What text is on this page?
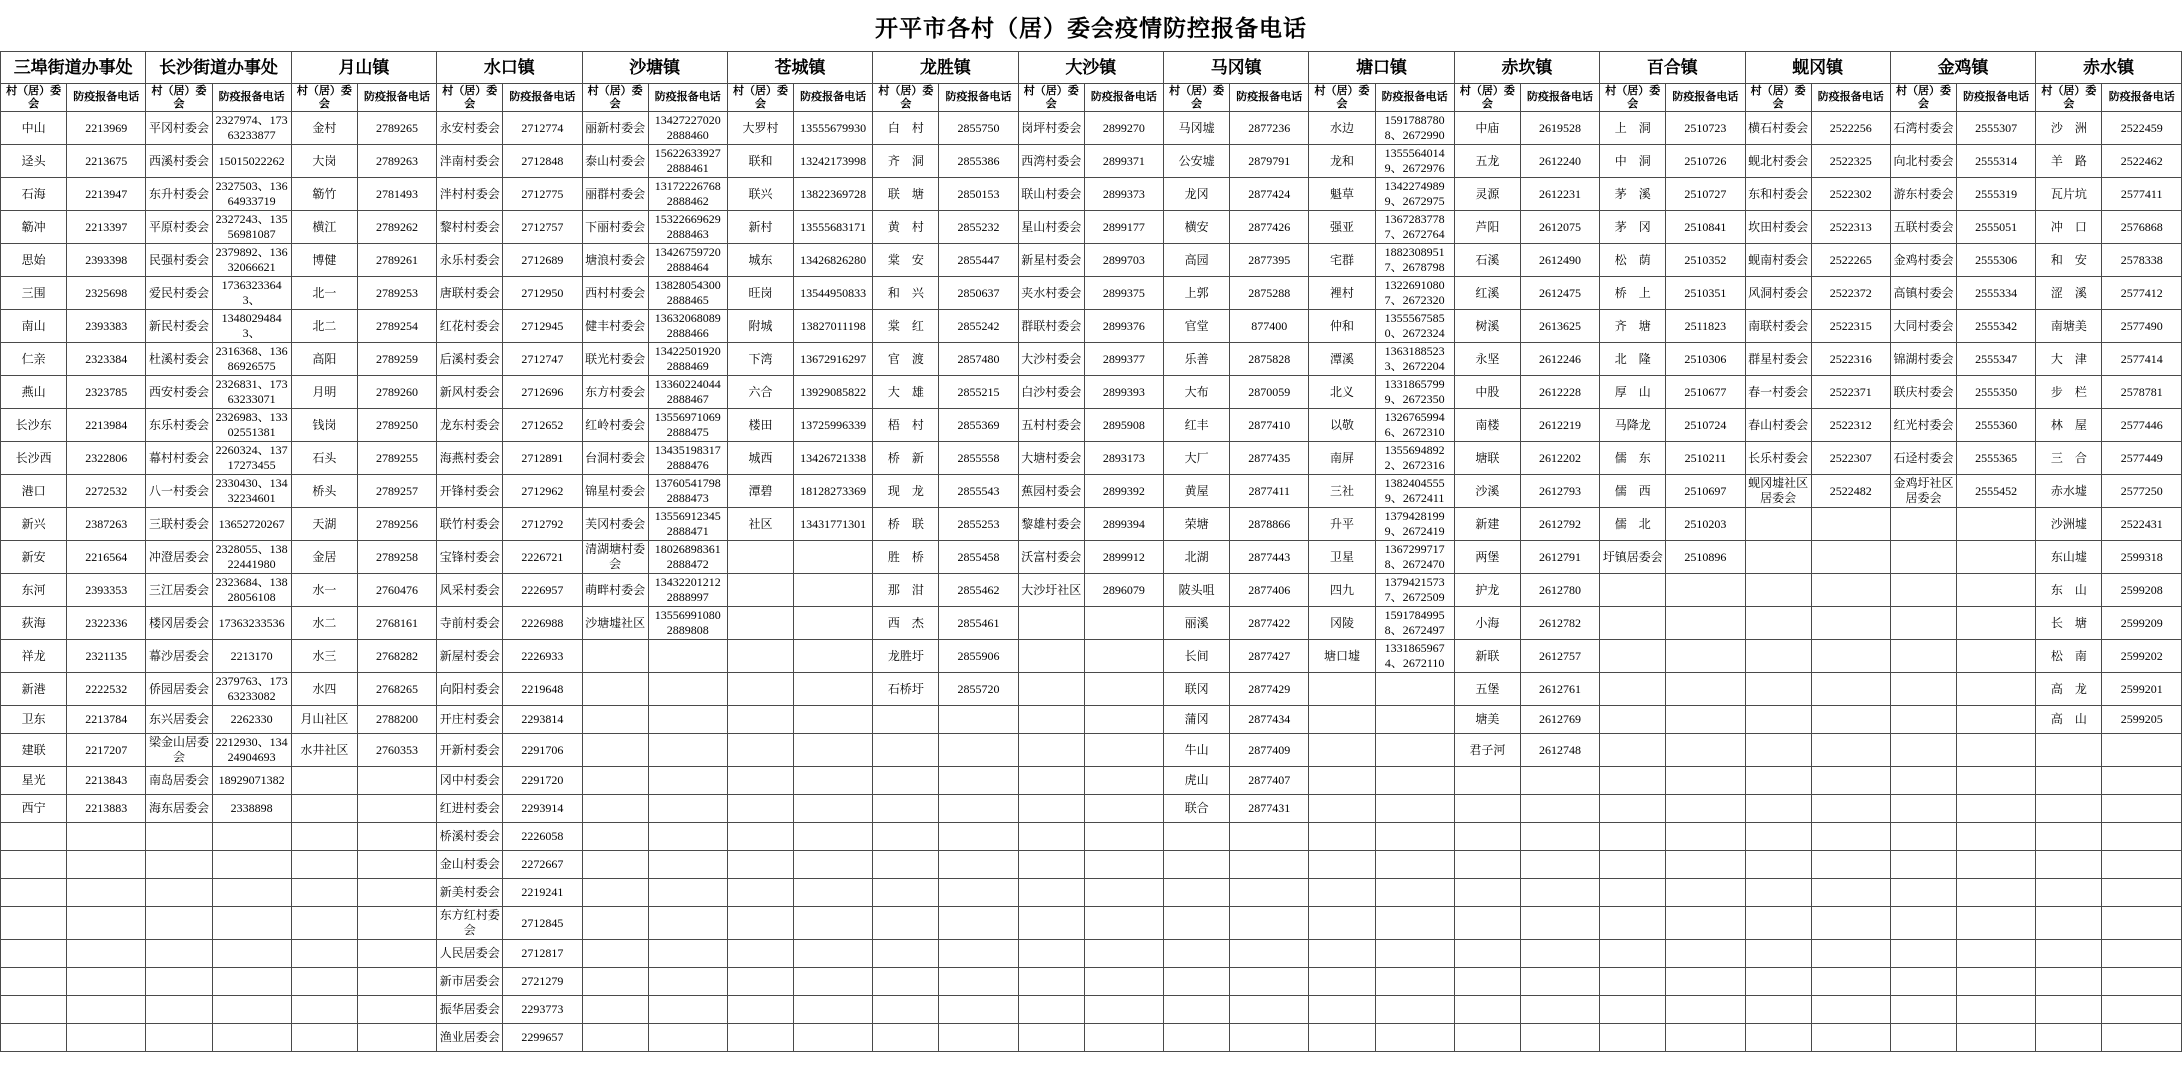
开平市各村（居）委会疫情防控报备电话
三埠街道办事处		长沙街道办事处		月山镇		水口镇		沙塘镇		苍城镇		龙胜镇		大沙镇		马冈镇		塘口镇		赤坎镇		百合镇		蚬冈镇		金鸡镇		赤水镇	
村（居）委会	防疫报备电话	村（居）委会	防疫报备电话	村（居）委会	防疫报备电话	村（居）委会	防疫报备电话	村（居）委会	防疫报备电话	村（居）委会	防疫报备电话	村（居）委会	防疫报备电话	村（居）委会	防疫报备电话	村（居）委会	防疫报备电话	村（居）委会	防疫报备电话	村（居）委会	防疫报备电话	村（居）委会	防疫报备电话	村（居）委会	防疫报备电话	村（居）委会	防疫报备电话	村（居）委会	防疫报备电话
中山	2213969	平冈村委会	2327974、17363233877	金村	2789265	永安村委会	2712774	丽新村委会	13427227020 2888460	大罗村	13555679930	白　村	2855750	岗坪村委会	2899270	马冈墟	2877236	水边	15917887808、2672990	中庙	2619528	上　洞	2510723	横石村委会	2522256	石湾村委会	2555307	沙　洲	2522459
迳头	2213675	西溪村委会	15015022262	大岗	2789263	泮南村委会	2712848	泰山村委会	15622633927 2888461	联和	13242173998	齐　洞	2855386	西湾村委会	2899371	公安墟	2879791	龙和	13555640149、2672976	五龙	2612240	中　洞	2510726	蚬北村委会	2522325	向北村委会	2555314	羊　路	2522462
石海	2213947	东升村委会	2327503、13664933719	簕竹	2781493	泮村村委会	2712775	丽群村委会	13172226768 2888462	联兴	13822369728	联　塘	2850153	联山村委会	2899373	龙冈	2877424	魁草	13422749899、2672975	灵源	2612231	茅　溪	2510727	东和村委会	2522302	游东村委会	2555319	瓦片坑	2577411
簕冲	2213397	平原村委会	2327243、13556981087	横江	2789262	黎村村委会	2712757	下丽村委会	15322669629 2888463	新村	13555683171	黄　村	2855232	星山村委会	2899177	横安	2877426	强亚	13672837787、2672764	芦阳	2612075	茅　冈	2510841	坎田村委会	2522313	五联村委会	2555051	冲　口	2576868
思始	2393398	民强村委会	2379892、13632066621	博健	2789261	永乐村委会	2712689	塘浪村委会	13426759720 2888464	城东	13426826280	棠　安	2855447	新星村委会	2899703	高园	2877395	宅群	18823089517、2678798	石溪	2612490	松　荫	2510352	蚬南村委会	2522265	金鸡村委会	2555306	和　安	2578338
三围	2325698	爱民村委会	17363233643、	北一	2789253	唐联村委会	2712950	西村村委会	13828054300 2888465	旺岗	13544950833	和　兴	2850637	夹水村委会	2899375	上郭	2875288	裡村	13226910807、2672320	红溪	2612475	桥　上	2510351	风洞村委会	2522372	高镇村委会	2555334	涩　溪	2577412
南山	2393383	新民村委会	13480294843、	北二	2789254	红花村委会	2712945	健丰村委会	13632068089 2888466	附城	13827011198	棠　红	2855242	群联村委会	2899376	官堂	877400	仲和	13555675850、2672324	树溪	2613625	齐　塘	2511823	南联村委会	2522315	大同村委会	2555342	南塘美	2577490
仁亲	2323384	杜溪村委会	2316368、13686926575	高阳	2789259	后溪村委会	2712747	联光村委会	13422501920 2888469	下湾	13672916297	官　渡	2857480	大沙村委会	2899377	乐善	2875828	潭溪	13631885233、2672204	永坚	2612246	北　隆	2510306	群星村委会	2522316	锦湖村委会	2555347	大　津	2577414
燕山	2323785	西安村委会	2326831、17363233071	月明	2789260	新风村委会	2712696	东方村委会	13360224044 2888467	六合	13929085822	大　雄	2855215	白沙村委会	2899393	大布	2870059	北义	13318657999、2672350	中股	2612228	厚　山	2510677	春一村委会	2522371	联庆村委会	2555350	步　栏	2578781
长沙东	2213984	东乐村委会	2326983、13302551381	钱岗	2789250	龙东村委会	2712652	红岭村委会	13556971069 2888475	楼田	13725996339	梧　村	2855369	五村村委会	2895908	红丰	2877410	以敬	13267659946、2672310	南楼	2612219	马降龙	2510724	春山村委会	2522312	红光村委会	2555360	林　屋	2577446
长沙西	2322806	幕村村委会	2260324、13717273455	石头	2789255	海燕村委会	2712891	台洞村委会	13435198317 2888476	城西	13426721338	桥　新	2855558	大塘村委会	2893173	大厂	2877435	南屏	13556948922、2672316	塘联	2612202	儒　东	2510211	长乐村委会	2522307	石迳村委会	2555365	三　合	2577449
港口	2272532	八一村委会	2330430、13432234601	桥头	2789257	开锋村委会	2712962	锦星村委会	13760541798 2888473	潭碧	18128273369	现　龙	2855543	蕉园村委会	2899392	黄屋	2877411	三社	13824045559、2672411	沙溪	2612793	儒　西	2510697	蚬冈墟社区居委会	2522482	金鸡圩社区居委会	2555452	赤水墟	2577250
新兴	2387263	三联村委会	13652720267	天湖	2789256	联竹村委会	2712792	芙冈村委会	13556912345 2888471	社区	13431771301	桥　联	2855253	黎雄村委会	2899394	荣塘	2878866	升平	13794281999、2672419	新建	2612792	儒　北	2510203					沙洲墟	2522431
新安	2216564	冲澄居委会	2328055、13822441980	金居	2789258	宝锋村委会	2226721	清湖塘村委会	18026898361 2888472			胜　桥	2855458	沃富村委会	2899912	北湖	2877443	卫星	13672997178、2672470	两堡	2612791	圩镇居委会	2510896					东山墟	2599318
东河	2393353	三江居委会	2323684、13828056108	水一	2760476	风采村委会	2226957	萌畔村委会	13432201212 2888997			那　泔	2855462	大沙圩社区	2896079	陂头咀	2877406	四九	13794215737、2672509	护龙	2612780							东　山	2599208
荻海	2322336	楼冈居委会	17363233536	水二	2768161	寺前村委会	2226988	沙塘墟社区	13556991080 2889808			西　杰	2855461			丽溪	2877422	冈陵	15917849958、2672497	小海	2612782							长　塘	2599209
祥龙	2321135	幕沙居委会	2213170	水三	2768282	新屋村委会	2226933					龙胜圩	2855906			长间	2877427	塘口墟	13318659674、2672110	新联	2612757							松　南	2599202
新港	2222532	侨园居委会	2379763、17363233082	水四	2768265	向阳村委会	2219648					石桥圩	2855720			联冈	2877429			五堡	2612761							高　龙	2599201
卫东	2213784	东兴居委会	2262330	月山社区	2788200	开庄村委会	2293814									蒲冈	2877434			塘美	2612769							高　山	2599205
建联	2217207	梁金山居委会	2212930、13424904693	水井社区	2760353	开新村委会	2291706									牛山	2877409			君子河	2612748								
星光	2213843	南岛居委会	18929071382			冈中村委会	2291720									虎山	2877407												
西宁	2213883	海东居委会	2338898			红进村委会	2293914									联合	2877431												
						桥溪村委会	2226058																						
						金山村委会	2272667																						
						新美村委会	2219241																						
						东方红村委会	2712845																						
						人民居委会	2712817																						
						新市居委会	2721279																						
						振华居委会	2293773																						
						渔业居委会	2299657																						
